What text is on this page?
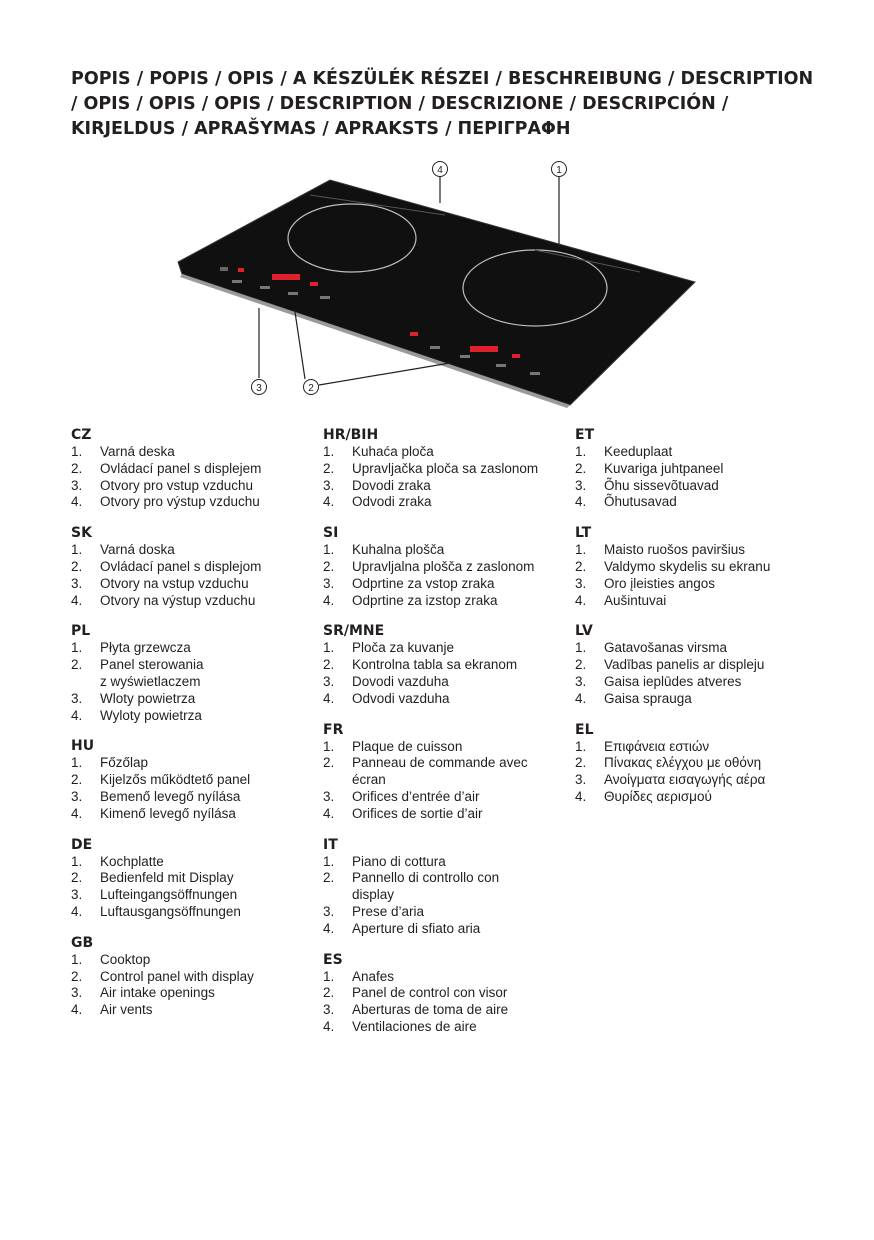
POPIS / POPIS / OPIS / A KÉSZÜLÉK RÉSZEI / BESCHREIBUNG / DESCRIPTION
/ OPIS / OPIS / OPIS / DESCRIPTION / DESCRIZIONE / DESCRIPCIÓN /
KIRJELDUS / APRAŠYMAS / APRAKSTS / ΠΕΡΙΓΡΑΦΗ
4	1
3	2
CZ
1.	Varná deska
2.	Ovládací panel s displejem
3.	Otvory pro vstup vzduchu
4.	Otvory pro výstup vzduchu
SK
1.	Varná doska
2.	Ovládací panel s displejom
3.	Otvory na vstup vzduchu
4.	Otvory na výstup vzduchu
PL
1.	Płyta grzewcza
2.	Panel sterowania
z wyświetlaczem
3.	Wloty powietrza
4.	Wyloty powietrza
HU
1.	Főzőlap
2.	Kijelzős működtető panel
3.	Bemenő levegő nyílása
4.	Kimenő levegő nyílása
DE
1.	Kochplatte
2.	Bedienfeld mit Display
3.	Lufteingangsöffnungen
4.	Luftausgangsöffnungen
GB
1.	Cooktop
2.	Control panel with display
3.	Air intake openings
4.	Air vents
HR/BIH
1.	Kuhaća ploča
2.	Upravljačka ploča sa zaslonom
3.	Dovodi zraka
4.	Odvodi zraka
SI
1.	Kuhalna plošča
2.	Upravljalna plošča z zaslonom
3.	Odprtine za vstop zraka
4.	Odprtine za izstop zraka
SR/MNE
1.	Ploča za kuvanje
2.	Kontrolna tabla sa ekranom
3.	Dovodi vazduha
4.	Odvodi vazduha
FR
1.	Plaque de cuisson
2.	Panneau de commande avec
écran
3.	Orifices d’entrée d’air
4.	Orifices de sortie d’air
IT
1.	Piano di cottura
2.	Pannello di controllo con
display
3.	Prese d’aria
4.	Aperture di sfiato aria
ES
1.	Anafes
2.	Panel de control con visor
3.	Aberturas de toma de aire
4.	Ventilaciones de aire
ET
1.	Keeduplaat
2.	Kuvariga juhtpaneel
3.	Õhu sissevõtuavad
4.	Õhutusavad
LT
1.	Maisto ruošos paviršius
2.	Valdymo skydelis su ekranu
3.	Oro įleisties angos
4.	Aušintuvai
LV
1.	Gatavošanas virsma
2.	Vadības panelis ar displeju
3.	Gaisa ieplūdes atveres
4.	Gaisa sprauga
EL
1.	Επιφάνεια εστιών
2.	Πίνακας ελέγχου με οθόνη
3.	Ανοίγματα εισαγωγής αέρα
4.	Θυρίδες αερισμού
